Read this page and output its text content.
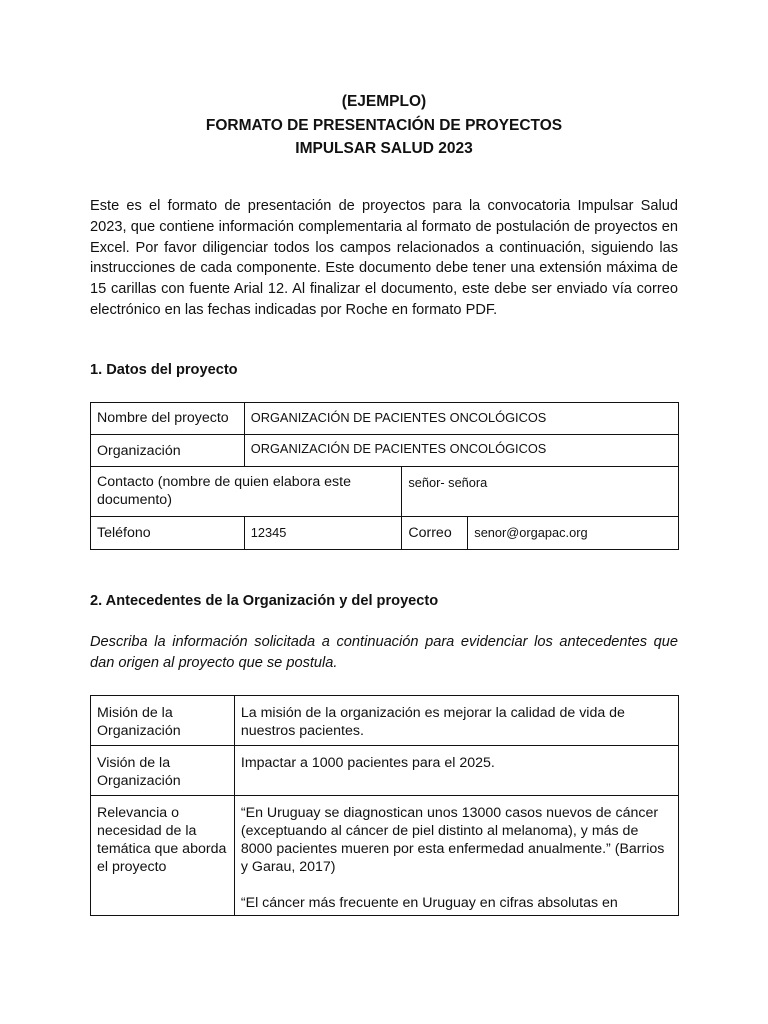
(EJEMPLO)
FORMATO DE PRESENTACIÓN DE PROYECTOS
IMPULSAR SALUD 2023
Este es el formato de presentación de proyectos para la convocatoria Impulsar Salud 2023, que contiene información complementaria al formato de postulación de proyectos en Excel. Por favor diligenciar todos los campos relacionados a continuación, siguiendo las instrucciones de cada componente. Este documento debe tener una extensión máxima de 15 carillas con fuente Arial 12. Al finalizar el documento, este debe ser enviado vía correo electrónico en las fechas indicadas por Roche en formato PDF.
1. Datos del proyecto
Nombre del proyecto	ORGANIZACIÓN DE PACIENTES ONCOLÓGICOS		
Organización	ORGANIZACIÓN DE PACIENTES ONCOLÓGICOS		
Contacto (nombre de quien elabora este documento)		señor- señora	
Teléfono	12345	Correo	senor@orgapac.org
2. Antecedentes de la Organización y del proyecto
Describa la información solicitada a continuación para evidenciar los antecedentes que dan origen al proyecto que se postula.
Misión de la Organización	La misión de la organización es mejorar la calidad de vida de nuestros pacientes.
Visión de la Organización	Impactar a 1000 pacientes para el 2025.
Relevancia o necesidad de la temática que aborda el proyecto	“En Uruguay se diagnostican unos 13000 casos nuevos de cáncer (exceptuando al cáncer de piel distinto al melanoma), y más de 8000 pacientes mueren por esta enfermedad anualmente.” (Barrios y Garau, 2017)

“El cáncer más frecuente en Uruguay en cifras absolutas en
